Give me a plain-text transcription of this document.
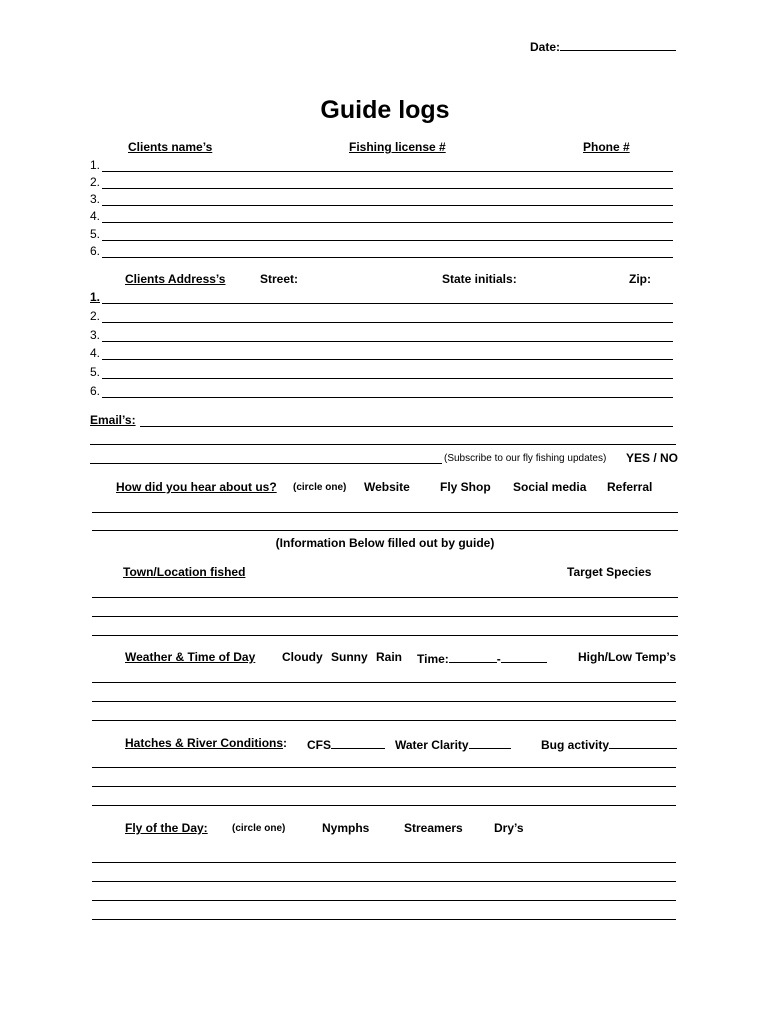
Date:
Guide logs
Clients name’s	Fishing license #	Phone #
1.
2.
3.
4.
5.
6.
Clients Address’s	Street:	State initials:	Zip:
1.
2.
3.
4.
5.
6.
Email’s:
(Subscribe to our fly fishing updates) YES / NO
How did you hear about us? (circle one) Website	Fly Shop Social media Referral
(Information Below filled out by guide)
Town/Location fished	Target Species
Weather & Time of Day Cloudy Sunny Rain Time:	-	High/Low Temp’s
Hatches & River Conditions: CFS	Water Clarity	Bug activity
Fly of the Day: (circle one)	Nymphs	Streamers	Dry’s
